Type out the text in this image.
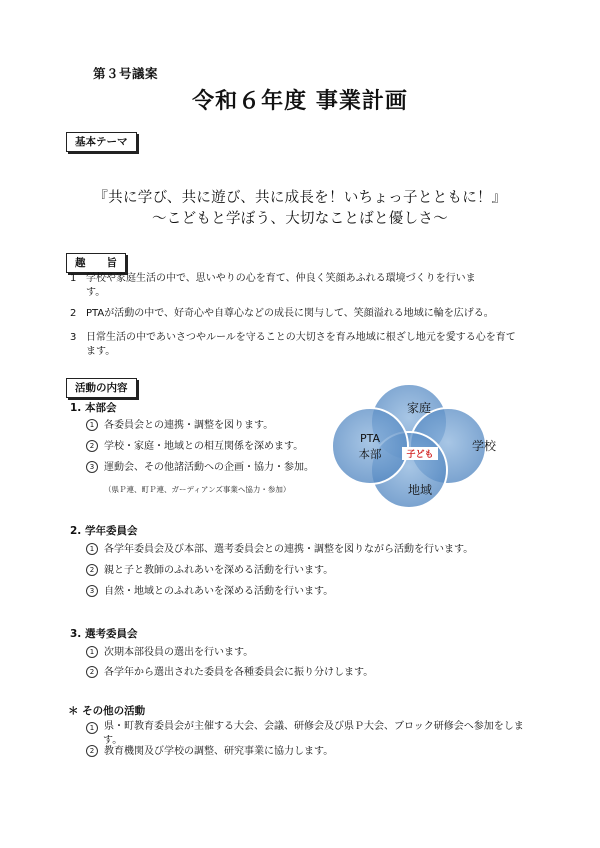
第３号議案
令和６年度 事業計画
基本テーマ
『共に学び、共に遊び、共に成長を！いちょっ子とともに！』
～こどもと学ぼう、大切なことばと優しさ～
趣　　旨
1 学校や家庭生活の中で、思いやりの心を育て、仲良く笑顔あふれる環境づくりを行います。
2 PTAが活動の中で、好奇心や自尊心などの成長に関与して、笑顔溢れる地域に輪を広げる。
3 日常生活の中であいさつやルールを守ることの大切さを育み地域に根ざし地元を愛する心を育てます。
活動の内容
1. 本部会
1 各委員会との連携・調整を図ります。
2 学校・家庭・地域との相互関係を深めます。
3 運動会、その他諸活動への企画・協力・参加。
（県Ｐ連、町Ｐ連、ガーディアンズ事業へ協力・参加）
家庭
PTA
本部
学校
地域
子ども
2. 学年委員会
1 各学年委員会及び本部、選考委員会との連携・調整を図りながら活動を行います。
2 親と子と教師のふれあいを深める活動を行います。
3 自然・地域とのふれあいを深める活動を行います。
3. 選考委員会
1 次期本部役員の選出を行います。
2 各学年から選出された委員を各種委員会に振り分けします。
＊ その他の活動
1 県・町教育委員会が主催する大会、会議、研修会及び県Ｐ大会、ブロック研修会へ参加をします。
2 教育機関及び学校の調整、研究事業に協力します。
